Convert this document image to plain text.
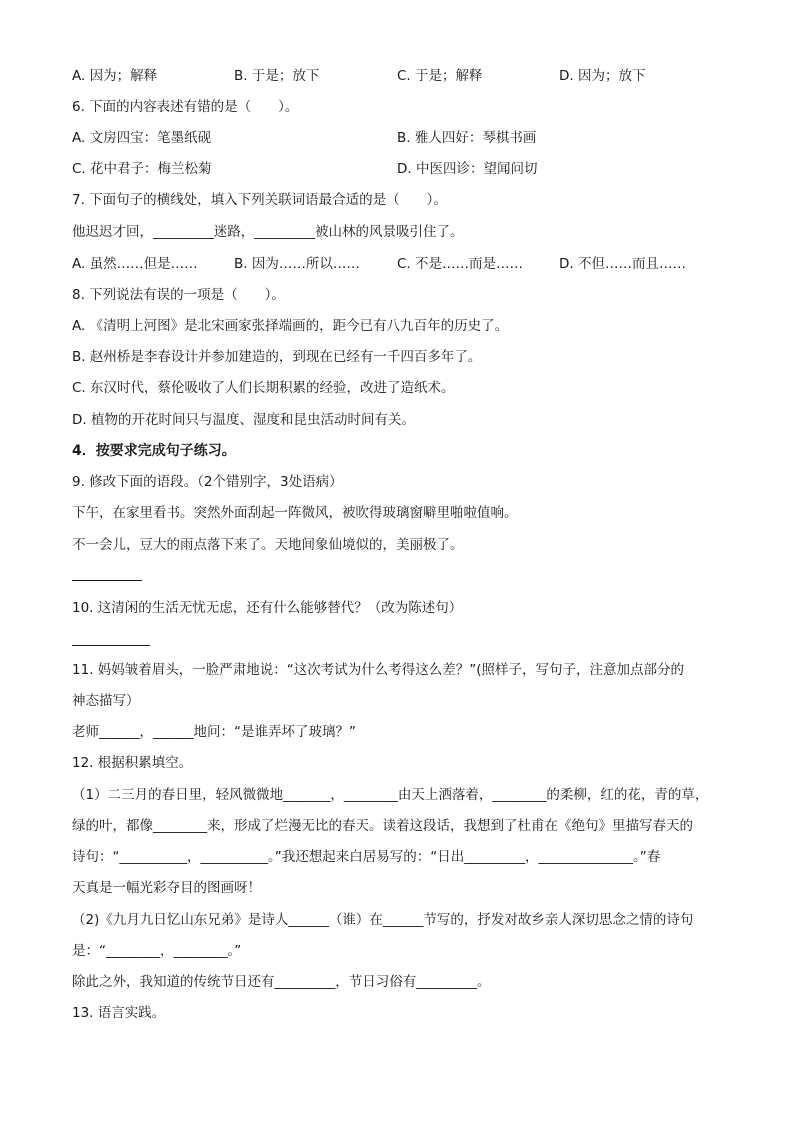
A. 因为；解释	B. 于是；放下	C. 于是；解释	D. 因为；放下
6. 下面的内容表述有错的是（　　）。
A. 文房四宝：笔墨纸砚	B. 雅人四好：琴棋书画
C. 花中君子：梅兰松菊	D. 中医四诊：望闻问切
7. 下面句子的横线处，填入下列关联词语最合适的是（　　）。
他迟迟才回，_________迷路，_________被山林的风景吸引住了。
A. 虽然……但是……	B. 因为……所以……	C. 不是……而是……	D. 不但……而且……
8. 下列说法有误的一项是（　　）。
A. 《清明上河图》是北宋画家张择端画的，距今已有八九百年的历史了。
B. 赵州桥是李春设计并参加建造的，到现在已经有一千四百多年了。
C. 东汉时代，蔡伦吸收了人们长期积累的经验，改进了造纸术。
D. 植物的开花时间只与温度、湿度和昆虫活动时间有关。
4．按要求完成句子练习。
9. 修改下面的语段。（2个错别字，3处语病）
下午，在家里看书。突然外面刮起一阵微风，被吹得玻璃窗噼里啪啦值响。
不一会儿，豆大的雨点落下来了。天地间象仙境似的，美丽极了。
10. 这清闲的生活无忧无虑，还有什么能够替代？（改为陈述句）
11. 妈妈皱着眉头，一脸严肃地说：“这次考试为什么考得这么差？”(照样子，写句子，注意加点部分的
神态描写）
老师______，______地问：“是谁弄坏了玻璃？”
12. 根据积累填空。
（1）二三月的春日里，轻风微微地_______，________由天上洒落着，________的柔柳，红的花，青的草，
绿的叶，都像________来，形成了烂漫无比的春天。读着这段话，我想到了杜甫在《绝句》里描写春天的
诗句：“__________，__________。”我还想起来白居易写的：“日出_________，______________。”春
天真是一幅光彩夺目的图画呀！
（2)《九月九日忆山东兄弟》是诗人______（谁）在______节写的，抒发对故乡亲人深切思念之情的诗句
是：“________，________。”
除此之外，我知道的传统节日还有_________，节日习俗有_________。
13. 语言实践。
